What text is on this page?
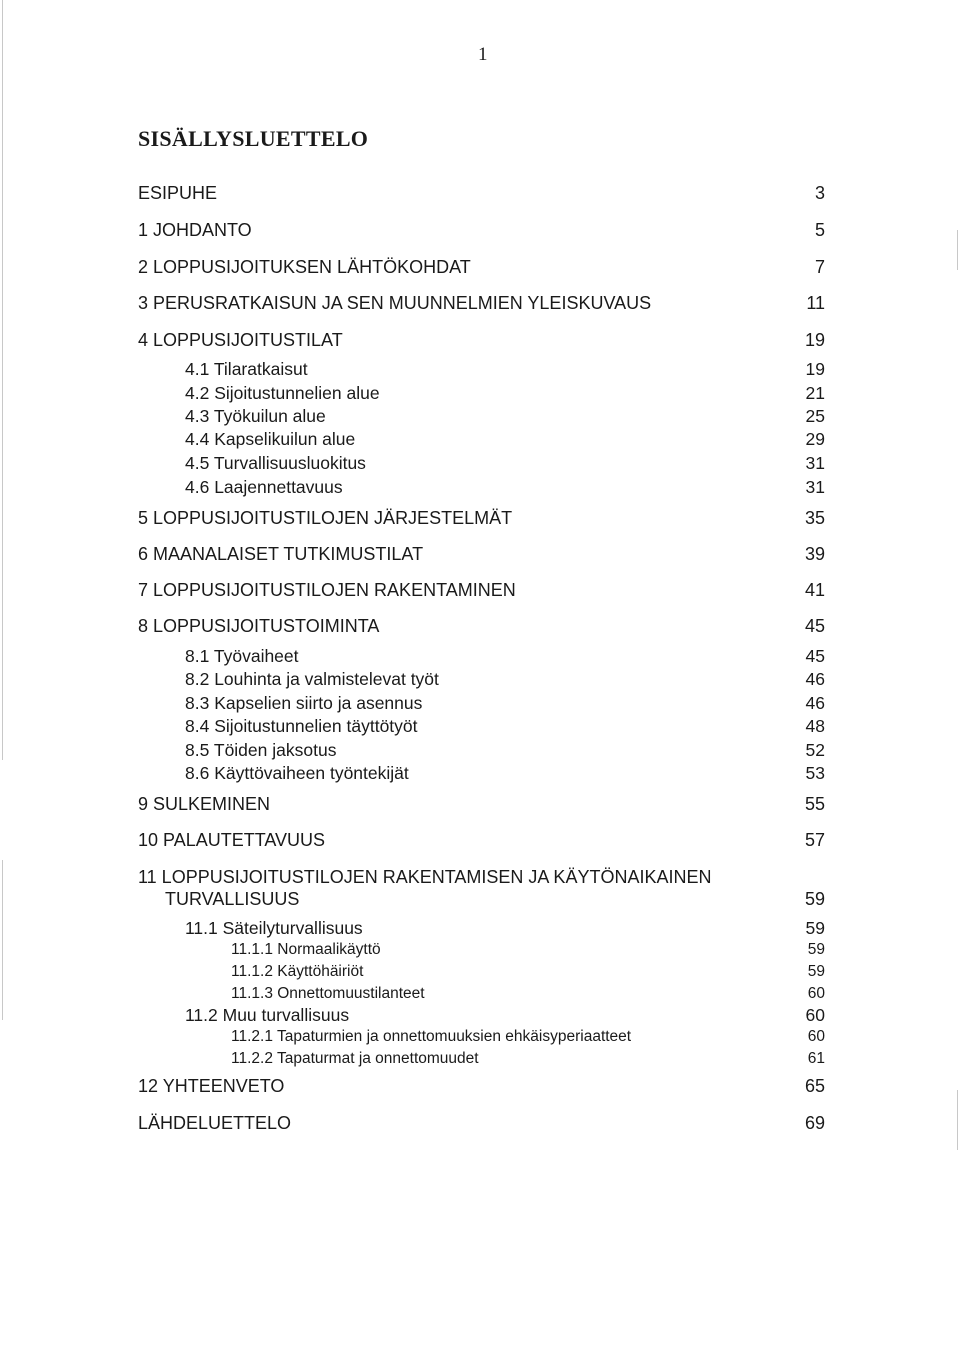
1
SISÄLLYSLUETTELO
ESIPUHE	3
1 JOHDANTO	5
2 LOPPUSIJOITUKSEN LÄHTÖKOHDAT	7
3 PERUSRATKAISUN JA SEN MUUNNELMIEN YLEISKUVAUS	11
4 LOPPUSIJOITUSTILAT	19
4.1 Tilaratkaisut	19
4.2 Sijoitustunnelien alue	21
4.3 Työkuilun alue	25
4.4 Kapselikuilun alue	29
4.5 Turvallisuusluokitus	31
4.6 Laajennettavuus	31
5 LOPPUSIJOITUSTILOJEN JÄRJESTELMÄT	35
6 MAANALAISET TUTKIMUSTILAT	39
7 LOPPUSIJOITUSTILOJEN RAKENTAMINEN	41
8 LOPPUSIJOITUSTOIMINTA	45
8.1 Työvaiheet	45
8.2 Louhinta ja valmistelevat työt	46
8.3 Kapselien siirto ja asennus	46
8.4 Sijoitustunnelien täyttötyöt	48
8.5 Töiden jaksotus	52
8.6 Käyttövaiheen työntekijät	53
9 SULKEMINEN	55
10 PALAUTETTAVUUS	57
11 LOPPUSIJOITUSTILOJEN RAKENTAMISEN JA KÄYTÖNAIKAINEN
TURVALLISUUS	59
11.1 Säteilyturvallisuus	59
11.1.1 Normaalikäyttö	59
11.1.2 Käyttöhäiriöt	59
11.1.3 Onnettomuustilanteet	60
11.2 Muu turvallisuus	60
11.2.1 Tapaturmien ja onnettomuuksien ehkäisyperiaatteet	60
11.2.2 Tapaturmat ja onnettomuudet	61
12 YHTEENVETO	65
LÄHDELUETTELO	69
